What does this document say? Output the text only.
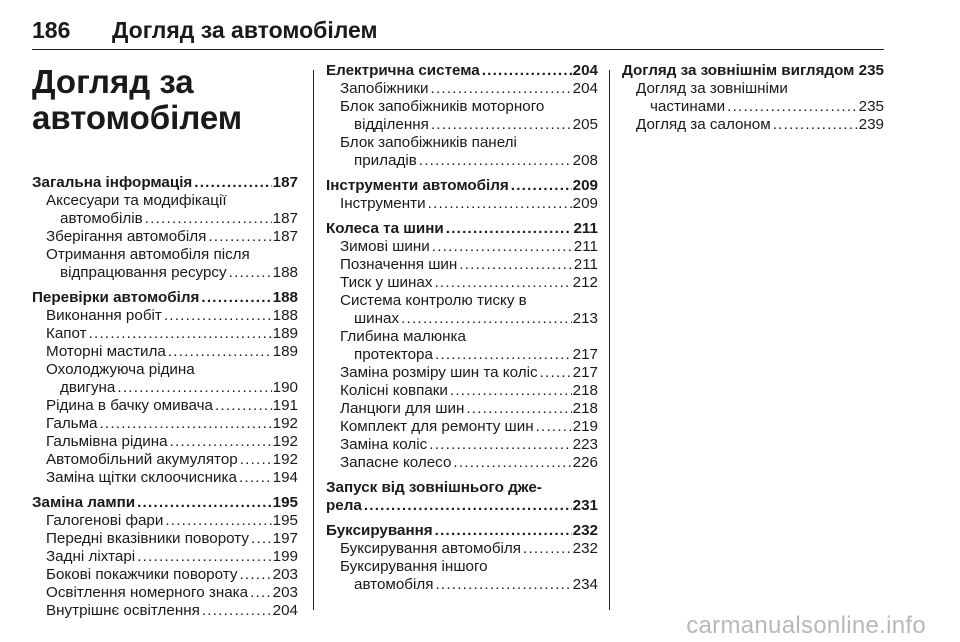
186 Догляд за автомобілем
Догляд за
автомобілем
Загальна інформація . . .	187
Аксесуари та модифікації
автомобілів . . .	187
Зберігання автомобіля . . .	187
Отримання автомобіля після
відпрацювання ресурсу . . .	188
Перевірки автомобіля . . .	188
Виконання робіт . . .	188
Капот . . .	189
Моторні мастила . . .	189
Охолоджуюча рідина
двигуна . . .	190
Рідина в бачку омивача . . .	191
Гальма . . .	192
Гальмівна рідина . . .	192
Автомобільний акумулятор . . . 192
Заміна щітки склоочисника . . . 194
Заміна лампи . . .	195
Галогенові фари . . .	195
Передні вказівники повороту . . . 197
Задні ліхтарі . . .	199
Бокові покажчики повороту . . . 203
Освітлення номерного знака . . . 203
Внутрішнє освітлення . . .	204
Електрична система . . .	204
Запобіжники . . .	204
Блок запобіжників моторного
відділення . . .	205
Блок запобіжників панелі
приладів . . .	208
Інструменти автомобіля . . .	209
Інструменти . . .	209
Колеса та шини . . .	211
Зимові шини . . .	211
Позначення шин . . .	211
Тиск у шинах . . .	212
Система контролю тиску в
шинах . . .	213
Глибина малюнка
протектора . . .	217
Заміна розміру шин та коліс . . . 217
Колісні ковпаки . . .	218
Ланцюги для шин . . .	218
Комплект для ремонту шин . . .	219
Заміна коліс . . .	223
Запасне колесо . . .	226
Запуск від зовнішнього дже-
рела . . .	231
Буксирування . . .	232
Буксирування автомобіля . . .	232
Буксирування іншого
автомобіля . . .	234
Догляд за зовнішнім виглядом 235
Догляд за зовнішніми
частинами . . .	235
Догляд за салоном . . .	239
carmanualsonline.info
